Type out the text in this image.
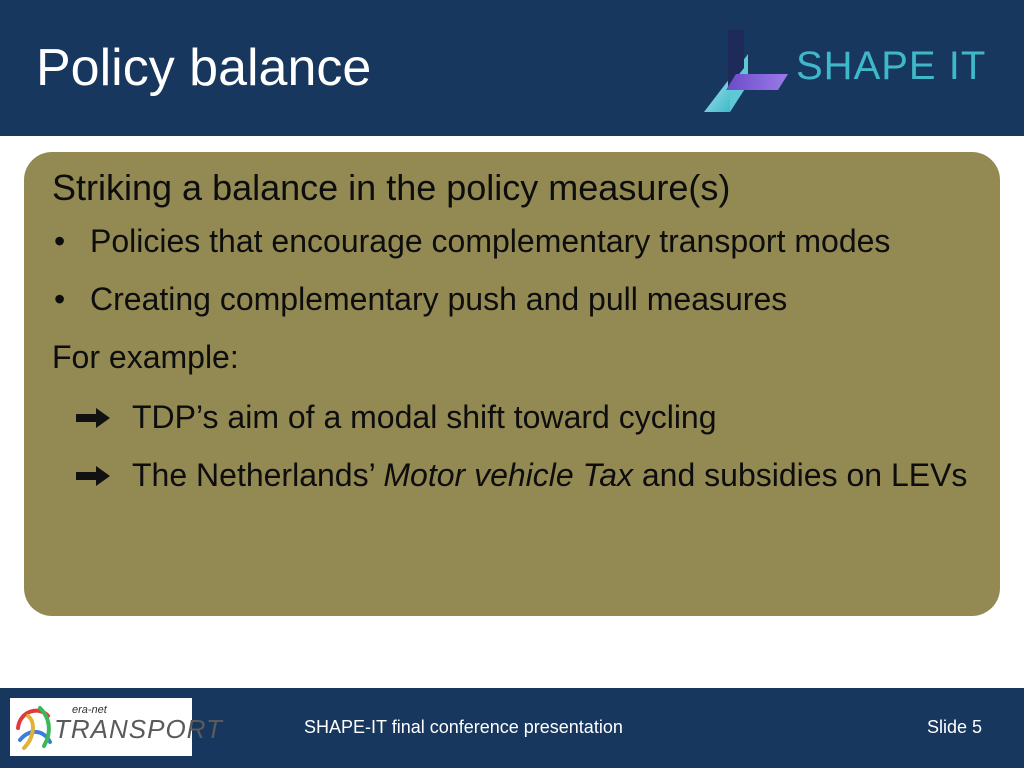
Policy balance	SHAPE IT
Striking a balance in the policy measure(s)
• Policies that encourage complementary transport modes
• Creating complementary push and pull measures
For example:
TDP’s aim of a modal shift toward cycling
The Netherlands’ Motor vehicle Tax and subsidies on LEVs
era-net
TRANSPORT	SHAPE-IT final conference presentation	Slide 5
